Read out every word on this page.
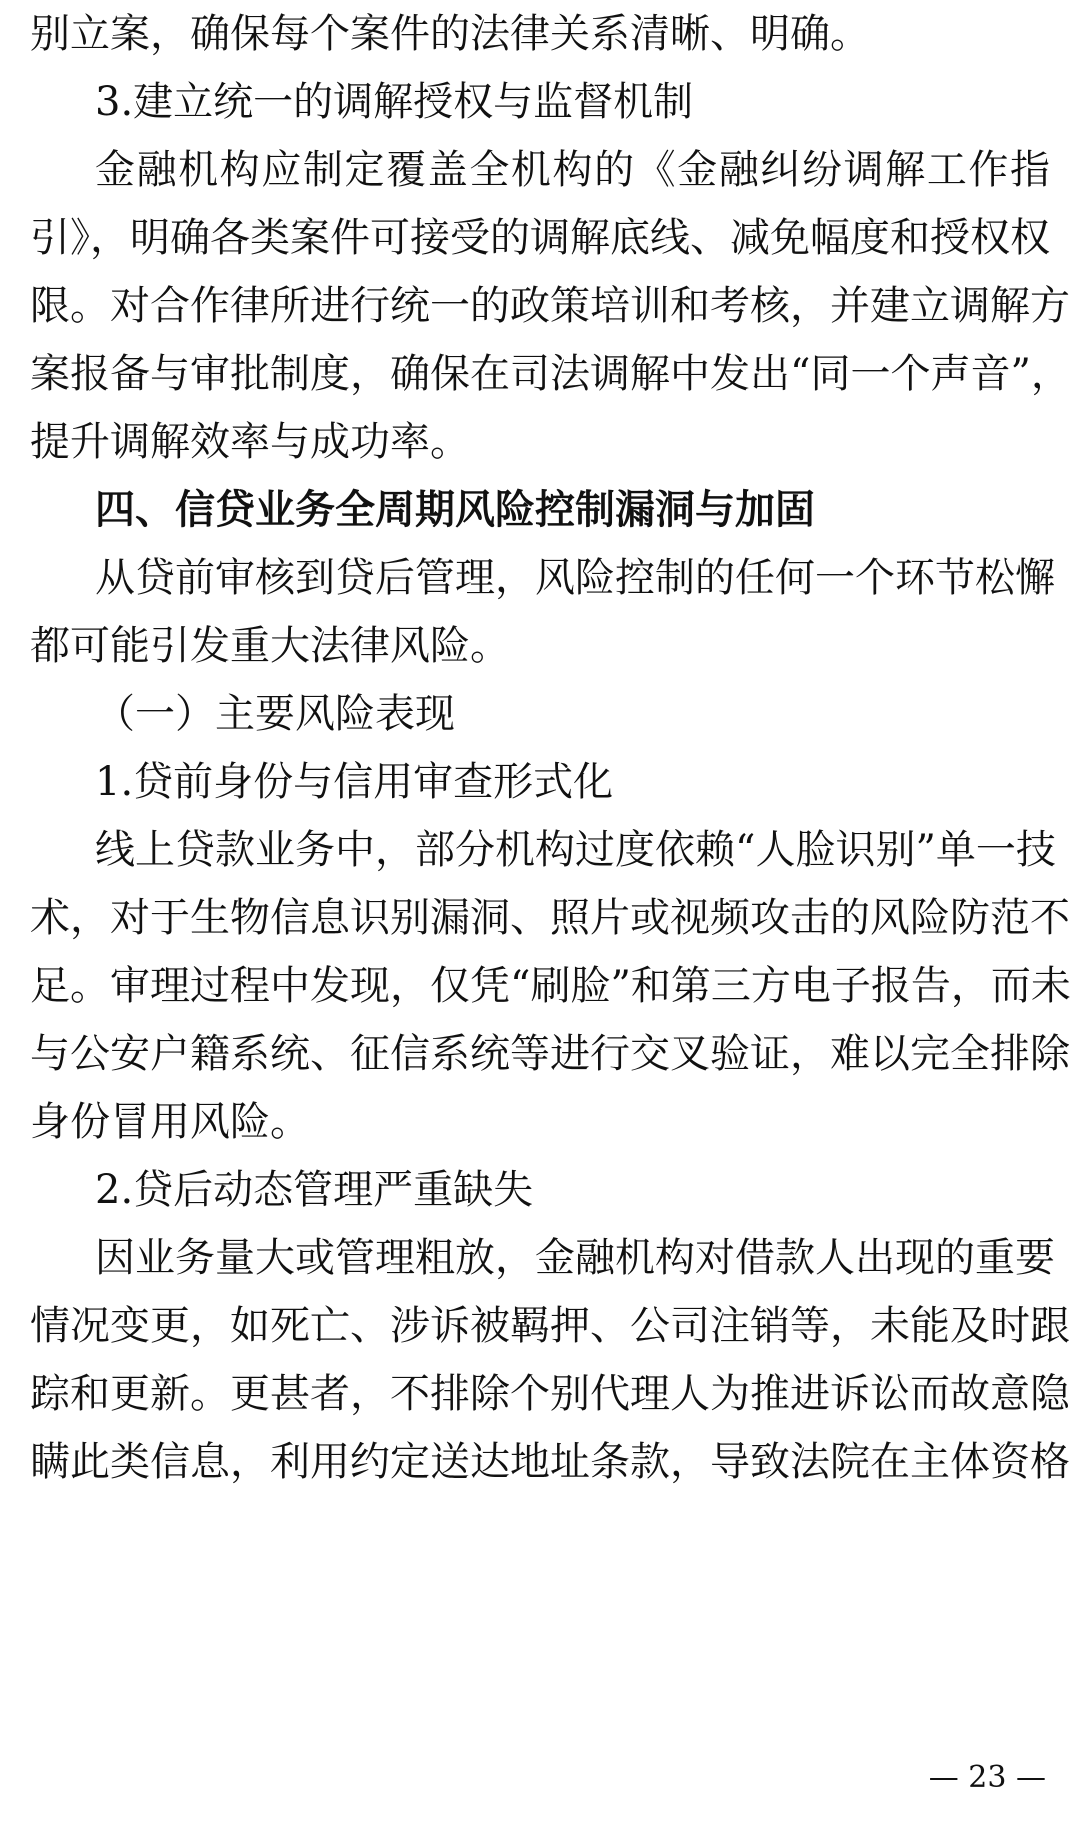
别立案，确保每个案件的法律关系清晰、明确。

3.建立统一的调解授权与监督机制

金融机构应制定覆盖全机构的《金融纠纷调解工作指

引》，明确各类案件可接受的调解底线、减免幅度和授权权

限。对合作律所进行统一的政策培训和考核，并建立调解方

案报备与审批制度，确保在司法调解中发出“同一个声音”，

提升调解效率与成功率。

四、信贷业务全周期风险控制漏洞与加固

从贷前审核到贷后管理，风险控制的任何一个环节松懈

都可能引发重大法律风险。

（一）主要风险表现

1.贷前身份与信用审查形式化

线上贷款业务中，部分机构过度依赖“人脸识别”单一技

术，对于生物信息识别漏洞、照片或视频攻击的风险防范不

足。审理过程中发现，仅凭“刷脸”和第三方电子报告，而未

与公安户籍系统、征信系统等进行交叉验证，难以完全排除

身份冒用风险。

2.贷后动态管理严重缺失

因业务量大或管理粗放，金融机构对借款人出现的重要

情况变更，如死亡、涉诉被羁押、公司注销等，未能及时跟

踪和更新。更甚者，不排除个别代理人为推进诉讼而故意隐

瞒此类信息，利用约定送达地址条款，导致法院在主体资格

— 23 —
